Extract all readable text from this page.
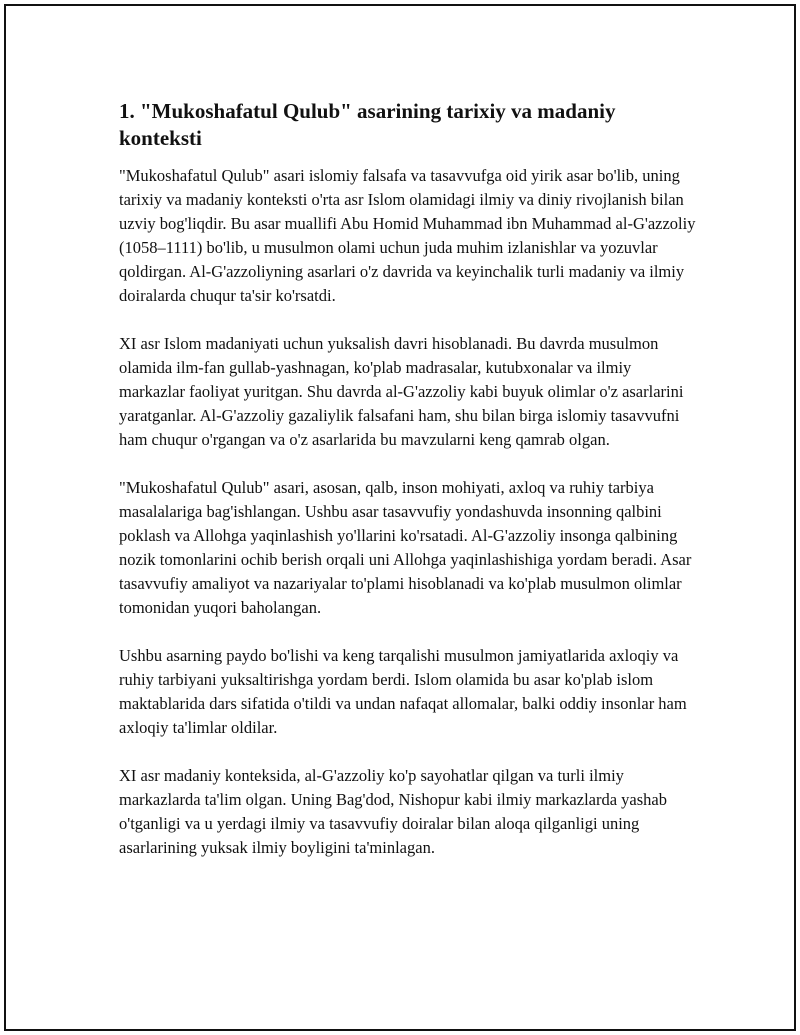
1. "Mukoshafatul Qulub" asarining tarixiy va madaniy konteksti

"Mukoshafatul Qulub" asari islomiy falsafa va tasavvufga oid yirik asar bo'lib, uning tarixiy va madaniy konteksti o'rta asr Islom olamidagi ilmiy va diniy rivojlanish bilan uzviy bog'liqdir. Bu asar muallifi Abu Homid Muhammad ibn Muhammad al-G'azzoliy (1058–1111) bo'lib, u musulmon olami uchun juda muhim izlanishlar va yozuvlar qoldirgan. Al-G'azzoliyning asarlari o'z davrida va keyinchalik turli madaniy va ilmiy doiralarda chuqur ta'sir ko'rsatdi.

XI asr Islom madaniyati uchun yuksalish davri hisoblanadi. Bu davrda musulmon olamida ilm-fan gullab-yashnagan, ko'plab madrasalar, kutubxonalar va ilmiy markazlar faoliyat yuritgan. Shu davrda al-G'azzoliy kabi buyuk olimlar o'z asarlarini yaratganlar. Al-G'azzoliy gazaliylik falsafani ham, shu bilan birga islomiy tasavvufni ham chuqur o'rgangan va o'z asarlarida bu mavzularni keng qamrab olgan.

"Mukoshafatul Qulub" asari, asosan, qalb, inson mohiyati, axloq va ruhiy tarbiya masalalariga bag'ishlangan. Ushbu asar tasavvufiy yondashuvda insonning qalbini poklash va Allohga yaqinlashish yo'llarini ko'rsatadi. Al-G'azzoliy insonga qalbining nozik tomonlarini ochib berish orqali uni Allohga yaqinlashishiga yordam beradi. Asar tasavvufiy amaliyot va nazariyalar to'plami hisoblanadi va ko'plab musulmon olimlar tomonidan yuqori baholangan.

Ushbu asarning paydo bo'lishi va keng tarqalishi musulmon jamiyatlarida axloqiy va ruhiy tarbiyani yuksaltirishga yordam berdi. Islom olamida bu asar ko'plab islom maktablarida dars sifatida o'tildi va undan nafaqat allomalar, balki oddiy insonlar ham axloqiy ta'limlar oldilar.

XI asr madaniy konteksida, al-G'azzoliy ko'p sayohatlar qilgan va turli ilmiy markazlarda ta'lim olgan. Uning Bag'dod, Nishopur kabi ilmiy markazlarda yashab o'tganligi va u yerdagi ilmiy va tasavvufiy doiralar bilan aloqa qilganligi uning asarlarining yuksak ilmiy boyligini ta'minlagan.
